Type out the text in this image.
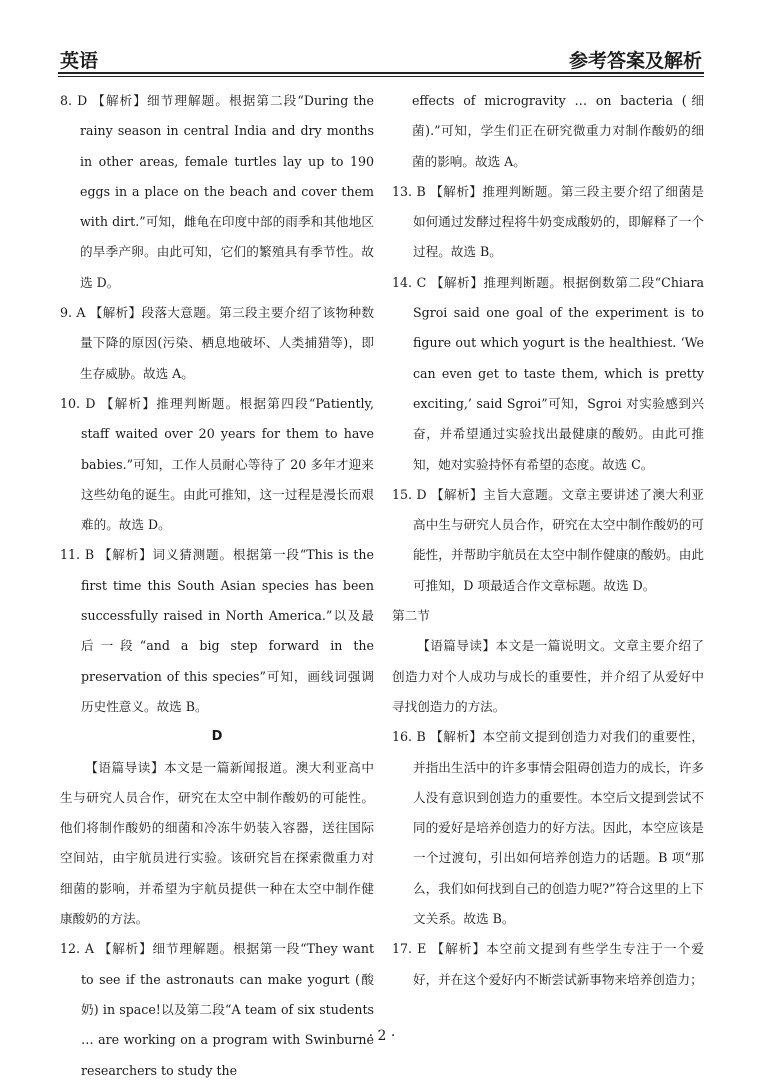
英语	参考答案及解析

8. D 【解析】细节理解题。根据第二段“During the rainy season in central India and dry months in other areas, female turtles lay up to 190 eggs in a place on the beach and cover them with dirt.”可知，雌龟在印度中部的雨季和其他地区的旱季产卵。由此可知，它们的繁殖具有季节性。故选 D。

9. A 【解析】段落大意题。第三段主要介绍了该物种数量下降的原因(污染、栖息地破坏、人类捕猎等)，即生存威胁。故选 A。

10. D 【解析】推理判断题。根据第四段“Patiently, staff waited over 20 years for them to have babies.”可知，工作人员耐心等待了 20 多年才迎来这些幼龟的诞生。由此可推知，这一过程是漫长而艰难的。故选 D。

11. B 【解析】词义猜测题。根据第一段“This is the first time this South Asian species has been successfully raised in North America.”以及最后一段“and a big step forward in the preservation of this species”可知，画线词强调历史性意义。故选 B。

D

【语篇导读】本文是一篇新闻报道。澳大利亚高中生与研究人员合作，研究在太空中制作酸奶的可能性。他们将制作酸奶的细菌和冷冻牛奶装入容器，送往国际空间站，由宇航员进行实验。该研究旨在探索微重力对细菌的影响，并希望为宇航员提供一种在太空中制作健康酸奶的方法。

12. A 【解析】细节理解题。根据第一段“They want to see if the astronauts can make yogurt (酸奶) in space!以及第二段“A team of six students … are working on a program with Swinburne researchers to study the

effects of microgravity … on bacteria (细菌).”可知，学生们正在研究微重力对制作酸奶的细菌的影响。故选 A。

13. B 【解析】推理判断题。第三段主要介绍了细菌是如何通过发酵过程将牛奶变成酸奶的，即解释了一个过程。故选 B。

14. C 【解析】推理判断题。根据倒数第二段“Chiara Sgroi said one goal of the experiment is to figure out which yogurt is the healthiest. ‘We can even get to taste them, which is pretty exciting,’ said Sgroi”可知，Sgroi 对实验感到兴奋，并希望通过实验找出最健康的酸奶。由此可推知，她对实验持怀有希望的态度。故选 C。

15. D 【解析】主旨大意题。文章主要讲述了澳大利亚高中生与研究人员合作，研究在太空中制作酸奶的可能性，并帮助宇航员在太空中制作健康的酸奶。由此可推知，D 项最适合作文章标题。故选 D。

第二节

【语篇导读】本文是一篇说明文。文章主要介绍了创造力对个人成功与成长的重要性，并介绍了从爱好中寻找创造力的方法。

16. B 【解析】本空前文提到创造力对我们的重要性，并指出生活中的许多事情会阻碍创造力的成长，许多人没有意识到创造力的重要性。本空后文提到尝试不同的爱好是培养创造力的好方法。因此，本空应该是一个过渡句，引出如何培养创造力的话题。B 项“那么，我们如何找到自己的创造力呢?”符合这里的上下文关系。故选 B。

17. E 【解析】本空前文提到有些学生专注于一个爱好，并在这个爱好内不断尝试新事物来培养创造力；

· 2 ·
